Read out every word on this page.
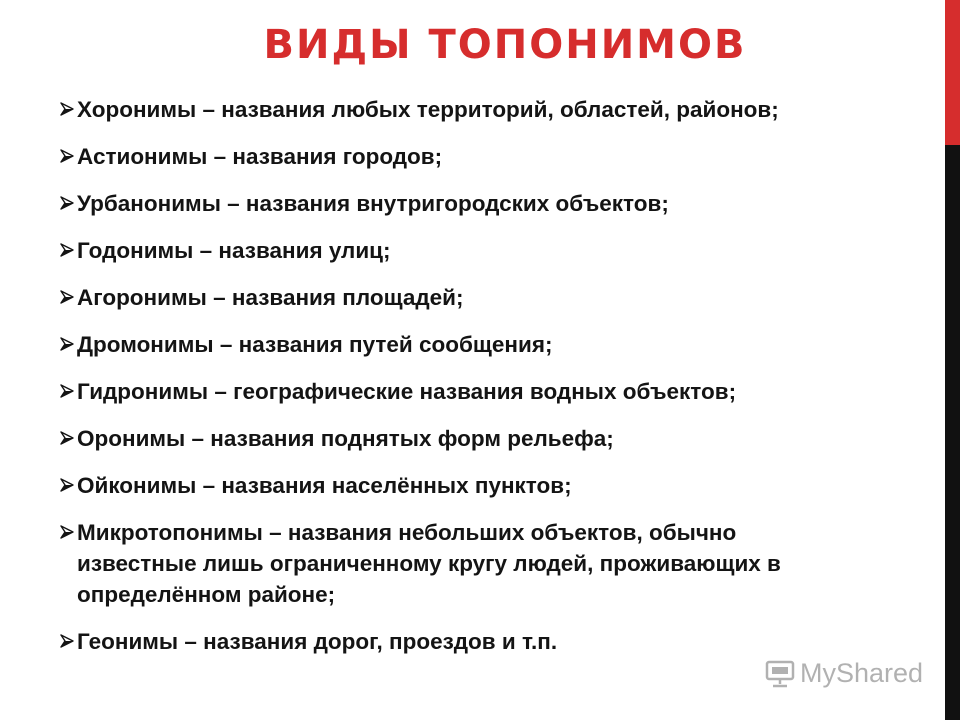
ВИДЫ ТОПОНИМОВ
Хоронимы – названия любых территорий, областей, районов;
Астионимы – названия городов;
Урбанонимы – названия внутригородских объектов;
Годонимы – названия улиц;
Агоронимы – названия площадей;
Дромонимы – названия путей сообщения;
Гидронимы – географические названия водных объектов;
Оронимы – названия поднятых форм рельефа;
Ойконимы – названия населённых пунктов;
Микротопонимы – названия небольших объектов, обычно известные лишь ограниченному кругу людей, проживающих в определённом районе;
Геонимы – названия дорог, проездов и т.п.
MyShared
